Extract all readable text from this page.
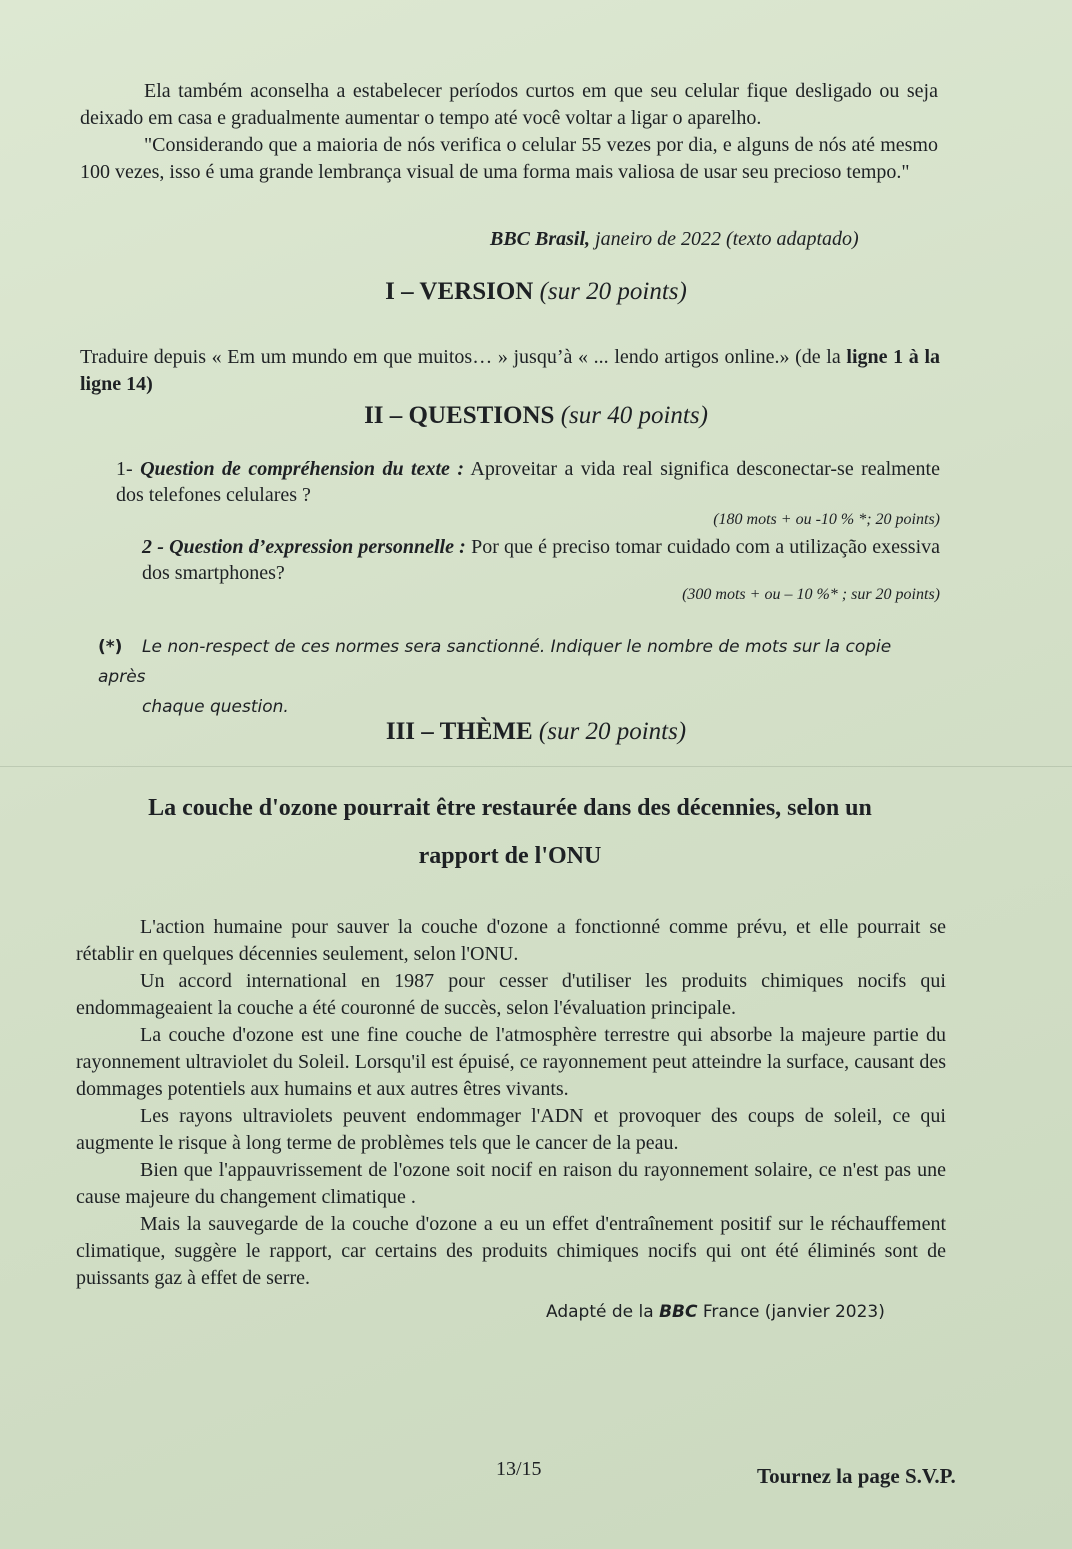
Ela também aconselha a estabelecer períodos curtos em que seu celular fique desligado ou seja deixado em casa e gradualmente aumentar o tempo até você voltar a ligar o aparelho.

"Considerando que a maioria de nós verifica o celular 55 vezes por dia, e alguns de nós até mesmo 100 vezes, isso é uma grande lembrança visual de uma forma mais valiosa de usar seu precioso tempo."

BBC Brasil, janeiro de 2022 (texto adaptado)
I – VERSION (sur 20 points)
Traduire depuis « Em um mundo em que muitos… » jusqu’à « ... lendo artigos online.» (de la ligne 1 à la ligne 14)
II – QUESTIONS (sur 40 points)
1- Question de compréhension du texte : Aproveitar a vida real significa desconectar-se realmente dos telefones celulares ?
(180 mots + ou -10 % *; 20 points)
2 - Question d’expression personnelle : Por que é preciso tomar cuidado com a utilização exessiva dos smartphones?
(300 mots + ou – 10 %* ; sur 20 points)
(*) Le non-respect de ces normes sera sanctionné. Indiquer le nombre de mots sur la copie après
chaque question.
III – THÈME (sur 20 points)
La couche d'ozone pourrait être restaurée dans des décennies, selon un
rapport de l'ONU

L'action humaine pour sauver la couche d'ozone a fonctionné comme prévu, et elle pourrait se rétablir en quelques décennies seulement, selon l'ONU.

Un accord international en 1987 pour cesser d'utiliser les produits chimiques nocifs qui endommageaient la couche a été couronné de succès, selon l'évaluation principale.

La couche d'ozone est une fine couche de l'atmosphère terrestre qui absorbe la majeure partie du rayonnement ultraviolet du Soleil. Lorsqu'il est épuisé, ce rayonnement peut atteindre la surface, causant des dommages potentiels aux humains et aux autres êtres vivants.

Les rayons ultraviolets peuvent endommager l'ADN et provoquer des coups de soleil, ce qui augmente le risque à long terme de problèmes tels que le cancer de la peau.

Bien que l'appauvrissement de l'ozone soit nocif en raison du rayonnement solaire, ce n'est pas une cause majeure du changement climatique .

Mais la sauvegarde de la couche d'ozone a eu un effet d'entraînement positif sur le réchauffement climatique, suggère le rapport, car certains des produits chimiques nocifs qui ont été éliminés sont de puissants gaz à effet de serre.

Adapté de la BBC France (janvier 2023)
13/15	Tournez la page S.V.P.
